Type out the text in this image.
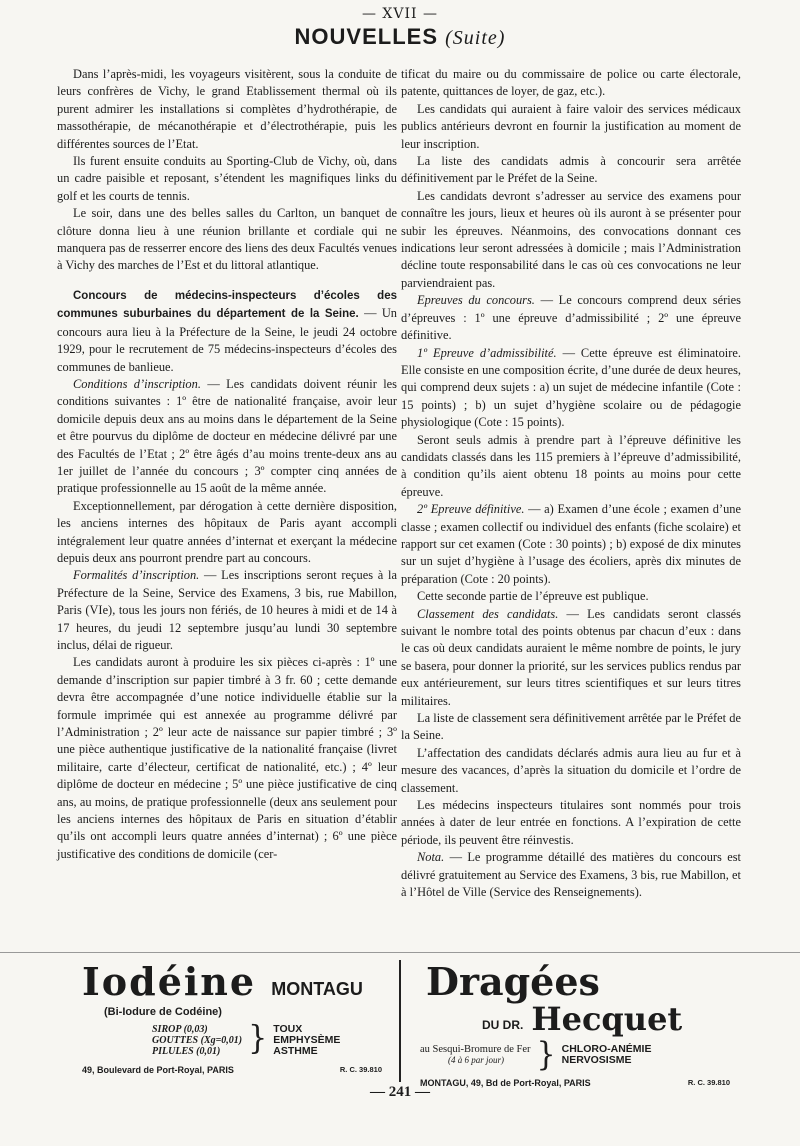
— XVII —
NOUVELLES (Suite)

Dans l’après-midi, les voyageurs visitèrent, sous la conduite de leurs confrères de Vichy, le grand Etablissement thermal où ils purent admirer les installations si complètes d’hydrothérapie, de massothérapie, de mécanothérapie et d’électrothérapie, puis les différentes sources de l’Etat.

Ils furent ensuite conduits au Sporting-Club de Vichy, où, dans un cadre paisible et reposant, s’étendent les magnifiques links du golf et les courts de tennis.

Le soir, dans une des belles salles du Carlton, un banquet de clôture donna lieu à une réunion brillante et cordiale qui ne manquera pas de resserrer encore des liens des deux Facultés venues à Vichy des marches de l’Est et du littoral atlantique.

Concours de médecins-inspecteurs d’écoles des communes suburbaines du département de la Seine. — Un concours aura lieu à la Préfecture de la Seine, le jeudi 24 octobre 1929, pour le recrutement de 75 médecins-inspecteurs d’écoles des communes de banlieue.

Conditions d’inscription. — Les candidats doivent réunir les conditions suivantes : 1º être de nationalité française, avoir leur domicile depuis deux ans au moins dans le département de la Seine et être pourvus du diplôme de docteur en médecine délivré par une des Facultés de l’Etat ; 2º être âgés d’au moins trente-deux ans au 1er juillet de l’année du concours ; 3º compter cinq années de pratique professionnelle au 15 août de la même année.

Exceptionnellement, par dérogation à cette dernière disposition, les anciens internes des hôpitaux de Paris ayant accompli intégralement leur quatre années d’internat et exerçant la médecine depuis deux ans pourront prendre part au concours.

Formalités d’inscription. — Les inscriptions seront reçues à la Préfecture de la Seine, Service des Examens, 3 bis, rue Mabillon, Paris (VIe), tous les jours non fériés, de 10 heures à midi et de 14 à 17 heures, du jeudi 12 septembre jusqu’au lundi 30 septembre inclus, délai de rigueur.

Les candidats auront à produire les six pièces ci-après : 1º une demande d’inscription sur papier timbré à 3 fr. 60 ; cette demande devra être accompagnée d’une notice individuelle établie sur la formule imprimée qui est annexée au programme délivré par l’Administration ; 2º leur acte de naissance sur papier timbré ; 3º une pièce authentique justificative de la nationalité française (livret militaire, carte d’électeur, certificat de nationalité, etc.) ; 4º leur diplôme de docteur en médecine ; 5º une pièce justificative de cinq ans, au moins, de pratique professionnelle (deux ans seulement pour les anciens internes des hôpitaux de Paris en situation d’établir qu’ils ont accompli leurs quatre années d’internat) ; 6º une pièce justificative des conditions de domicile (cer-

tificat du maire ou du commissaire de police ou carte électorale, patente, quittances de loyer, de gaz, etc.).

Les candidats qui auraient à faire valoir des services médicaux publics antérieurs devront en fournir la justification au moment de leur inscription.

La liste des candidats admis à concourir sera arrêtée définitivement par le Préfet de la Seine.

Les candidats devront s’adresser au service des examens pour connaître les jours, lieux et heures où ils auront à se présenter pour subir les épreuves. Néanmoins, des convocations donnant ces indications leur seront adressées à domicile ; mais l’Administration décline toute responsabilité dans le cas où ces convocations ne leur parviendraient pas.

Epreuves du concours. — Le concours comprend deux séries d’épreuves : 1º une épreuve d’admissibilité ; 2º une épreuve définitive.

1º Epreuve d’admissibilité. — Cette épreuve est éliminatoire. Elle consiste en une composition écrite, d’une durée de deux heures, qui comprend deux sujets : a) un sujet de médecine infantile (Cote : 15 points) ; b) un sujet d’hygiène scolaire ou de pédagogie physiologique (Cote : 15 points).

Seront seuls admis à prendre part à l’épreuve définitive les candidats classés dans les 115 premiers à l’épreuve d’admissibilité, à condition qu’ils aient obtenu 18 points au moins pour cette épreuve.

2º Epreuve définitive. — a) Examen d’une école ; examen d’une classe ; examen collectif ou individuel des enfants (fiche scolaire) et rapport sur cet examen (Cote : 30 points) ; b) exposé de dix minutes sur un sujet d’hygiène à l’usage des écoliers, après dix minutes de préparation (Cote : 20 points).

Cette seconde partie de l’épreuve est publique.

Classement des candidats. — Les candidats seront classés suivant le nombre total des points obtenus par chacun d’eux : dans le cas où deux candidats auraient le même nombre de points, le jury se basera, pour donner la priorité, sur les services publics rendus par eux antérieurement, sur leurs titres scientifiques et sur leurs titres militaires.

La liste de classement sera définitivement arrêtée par le Préfet de la Seine.

L’affectation des candidats déclarés admis aura lieu au fur et à mesure des vacances, d’après la situation du domicile et l’ordre de classement.

Les médecins inspecteurs titulaires sont nommés pour trois années à dater de leur entrée en fonctions. A l’expiration de cette période, ils peuvent être réinvestis.

Nota. — Le programme détaillé des matières du concours est délivré gratuitement au Service des Examens, 3 bis, rue Mabillon, et à l’Hôtel de Ville (Service des Renseignements).

Iodéine MONTAGU
(Bi-Iodure de Codéine)
SIROP (0,03)
GOUTTES (Xg=0,01)
PILULES (0,01) } TOUX
EMPHYSÈME
ASTHME
49, Boulevard de Port-Royal, PARIS	R. C. 39.810
Dragées
DU DR. Hecquet
au Sesqui-Bromure de Fer
(4 à 6 par jour)	} CHLORO-ANÉMIE
NERVOSISME
MONTAGU, 49, Bd de Port-Royal, PARIS	R. C. 39.810
— 241 —
